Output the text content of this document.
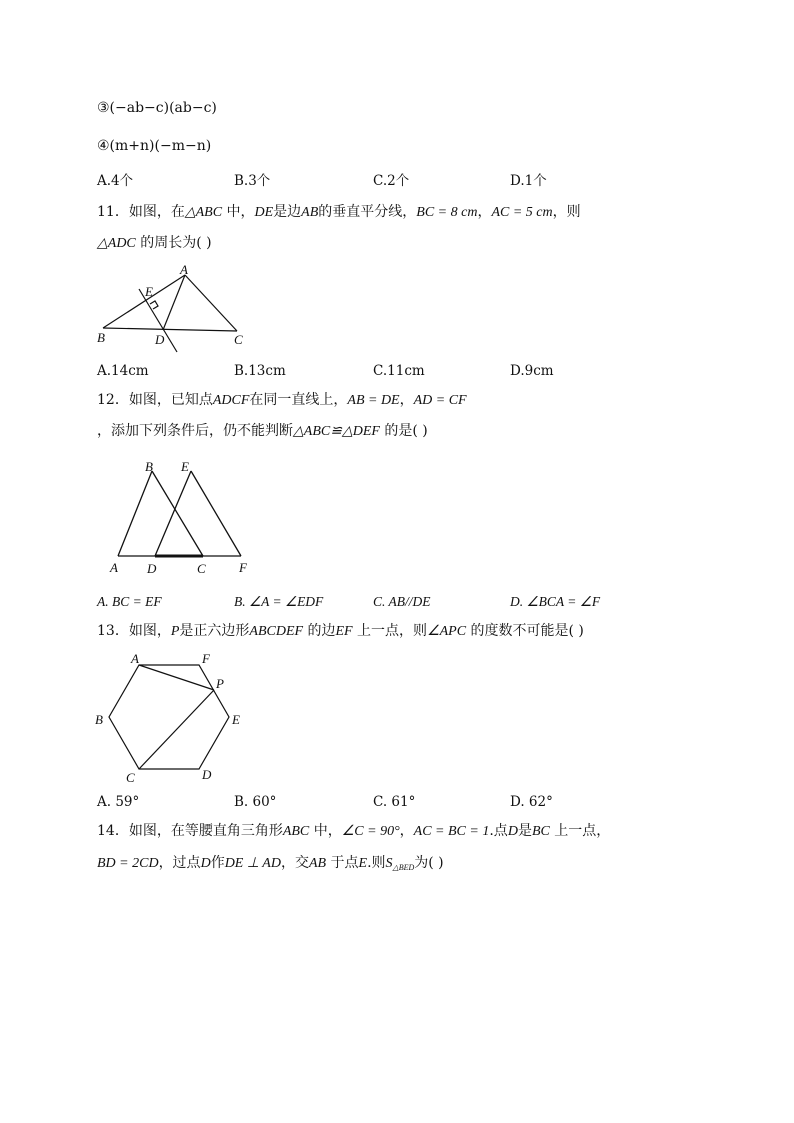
③(−ab−c)(ab−c)
④(m+n)(−m−n)
A.4个	B.3个	C.2个	D.1个
11．如图，在△ABC 中，DE是边AB的垂直平分线，BC = 8 cm，AC = 5 cm，则
△ADC 的周长为( )
A
E
B	D	C
A.14cm	B.13cm	C.11cm	D.9cm
12．如图，已知点ADCF在同一直线上，AB = DE，AD = CF
，添加下列条件后，仍不能判断△ABC≌△DEF 的是( )
B E
A D	C	F
A. BC = EF	B. ∠A = ∠EDF	C. AB//DE	D. ∠BCA = ∠F
13．如图，P是正六边形ABCDEF 的边EF 上一点，则∠APC 的度数不可能是( )
A	F
P
B	E
C	D
A. 59°	B. 60°	C. 61°	D. 62°
14．如图，在等腰直角三角形ABC 中，∠C = 90°，AC = BC = 1.点D是BC 上一点，
BD = 2CD，过点D作DE ⊥ AD，交AB 于点E.则$S_{\triangle BED}$为( )
